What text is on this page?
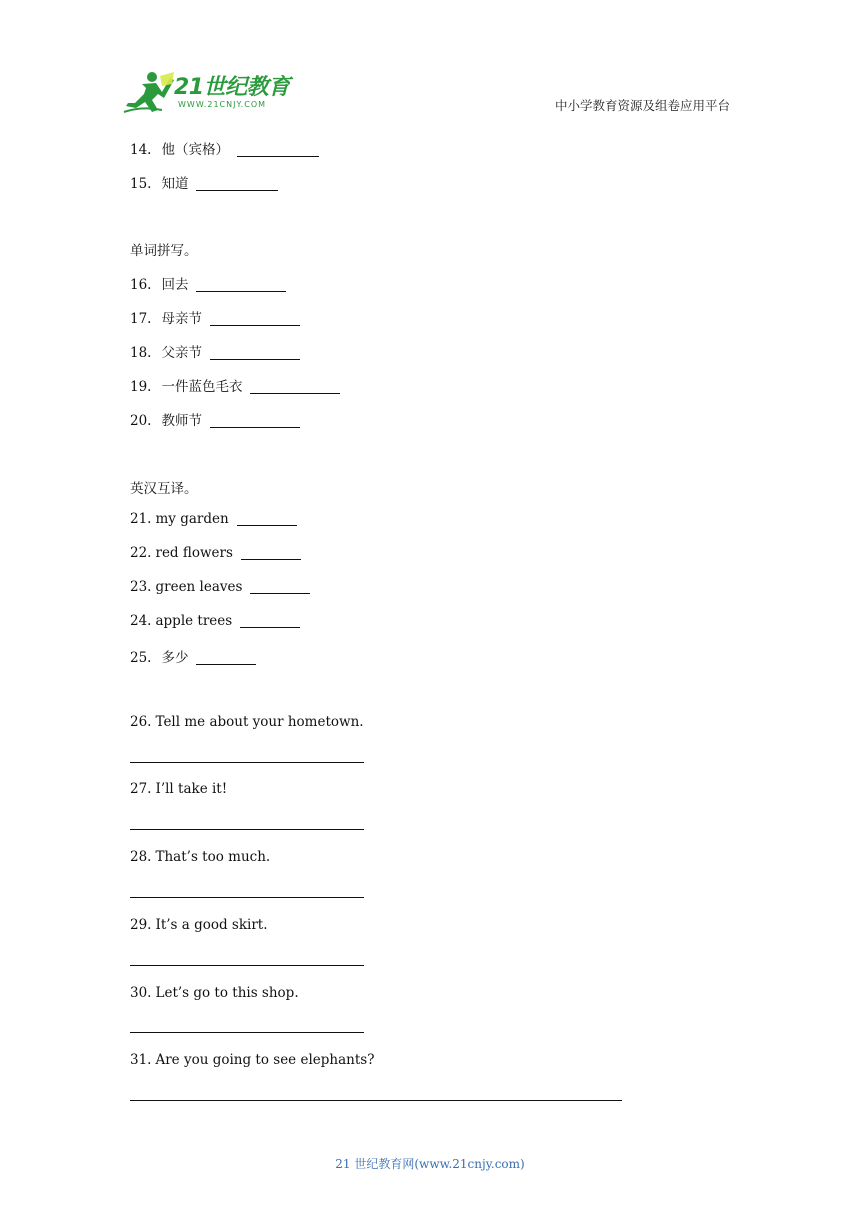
21世纪教育
WWW.21CNJY.COM	中小学教育资源及组卷应用平台
14. 他（宾格）
15. 知道
单词拼写。
16. 回去
17. 母亲节
18. 父亲节
19. 一件蓝色毛衣
20. 教师节
英汉互译。
21. my garden
22. red flowers
23. green leaves
24. apple trees
25. 多少
26. Tell me about your hometown.
27. I’ll take it!
28. That’s too much.
29. It’s a good skirt.
30. Let’s go to this shop.
31. Are you going to see elephants?
21 世纪教育网(www.21cnjy.com)
